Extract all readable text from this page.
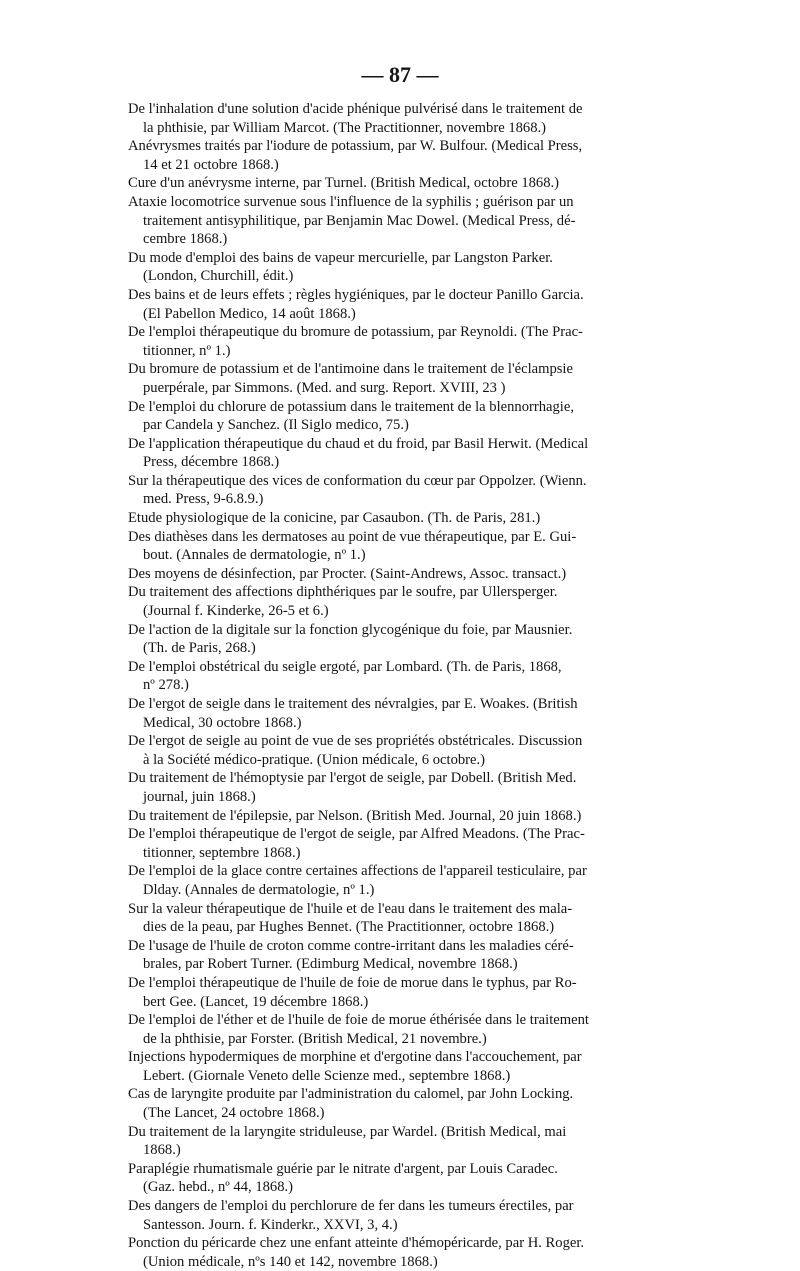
— 87 —

De l'inhalation d'une solution d'acide phénique pulvérisé dans le traitement de
la phthisie, par William Marcot. (The Practitionner, novembre 1868.)

Anévrysmes traités par l'iodure de potassium, par W. Bulfour. (Medical Press,
14 et 21 octobre 1868.)

Cure d'un anévrysme interne, par Turnel. (British Medical, octobre 1868.)

Ataxie locomotrice survenue sous l'influence de la syphilis ; guérison par un
traitement antisyphilitique, par Benjamin Mac Dowel. (Medical Press, dé-
cembre 1868.)

Du mode d'emploi des bains de vapeur mercurielle, par Langston Parker.
(London, Churchill, édit.)

Des bains et de leurs effets ; règles hygiéniques, par le docteur Panillo Garcia.
(El Pabellon Medico, 14 août 1868.)

De l'emploi thérapeutique du bromure de potassium, par Reynoldi. (The Prac-
titionner, nº 1.)

Du bromure de potassium et de l'antimoine dans le traitement de l'éclampsie
puerpérale, par Simmons. (Med. and surg. Report. XVIII, 23 )

De l'emploi du chlorure de potassium dans le traitement de la blennorrhagie,
par Candela y Sanchez. (Il Siglo medico, 75.)

De l'application thérapeutique du chaud et du froid, par Basil Herwit. (Medical
Press, décembre 1868.)

Sur la thérapeutique des vices de conformation du cœur par Oppolzer. (Wienn.
med. Press, 9-6.8.9.)

Etude physiologique de la conicine, par Casaubon. (Th. de Paris, 281.)

Des diathèses dans les dermatoses au point de vue thérapeutique, par E. Gui-
bout. (Annales de dermatologie, nº 1.)

Des moyens de désinfection, par Procter. (Saint-Andrews, Assoc. transact.)

Du traitement des affections diphthériques par le soufre, par Ullersperger.
(Journal f. Kinderke, 26-5 et 6.)

De l'action de la digitale sur la fonction glycogénique du foie, par Mausnier.
(Th. de Paris, 268.)

De l'emploi obstétrical du seigle ergoté, par Lombard. (Th. de Paris, 1868,
nº 278.)

De l'ergot de seigle dans le traitement des névralgies, par E. Woakes. (British
Medical, 30 octobre 1868.)

De l'ergot de seigle au point de vue de ses propriétés obstétricales. Discussion
à la Société médico-pratique. (Union médicale, 6 octobre.)

Du traitement de l'hémoptysie par l'ergot de seigle, par Dobell. (British Med.
journal, juin 1868.)

Du traitement de l'épilepsie, par Nelson. (British Med. Journal, 20 juin 1868.)

De l'emploi thérapeutique de l'ergot de seigle, par Alfred Meadons. (The Prac-
titionner, septembre 1868.)

De l'emploi de la glace contre certaines affections de l'appareil testiculaire, par
Dlday. (Annales de dermatologie, nº 1.)

Sur la valeur thérapeutique de l'huile et de l'eau dans le traitement des mala-
dies de la peau, par Hughes Bennet. (The Practitionner, octobre 1868.)

De l'usage de l'huile de croton comme contre-irritant dans les maladies céré-
brales, par Robert Turner. (Edimburg Medical, novembre 1868.)

De l'emploi thérapeutique de l'huile de foie de morue dans le typhus, par Ro-
bert Gee. (Lancet, 19 décembre 1868.)

De l'emploi de l'éther et de l'huile de foie de morue éthérisée dans le traitement
de la phthisie, par Forster. (British Medical, 21 novembre.)

Injections hypodermiques de morphine et d'ergotine dans l'accouchement, par
Lebert. (Giornale Veneto delle Scienze med., septembre 1868.)

Cas de laryngite produite par l'administration du calomel, par John Locking.
(The Lancet, 24 octobre 1868.)

Du traitement de la laryngite striduleuse, par Wardel. (British Medical, mai
1868.)

Paraplégie rhumatismale guérie par le nitrate d'argent, par Louis Caradec.
(Gaz. hebd., nº 44, 1868.)

Des dangers de l'emploi du perchlorure de fer dans les tumeurs érectiles, par
Santesson. Journ. f. Kinderkr., XXVI, 3, 4.)

Ponction du péricarde chez une enfant atteinte d'hémopéricarde, par H. Roger.
(Union médicale, nºs 140 et 142, novembre 1868.)
